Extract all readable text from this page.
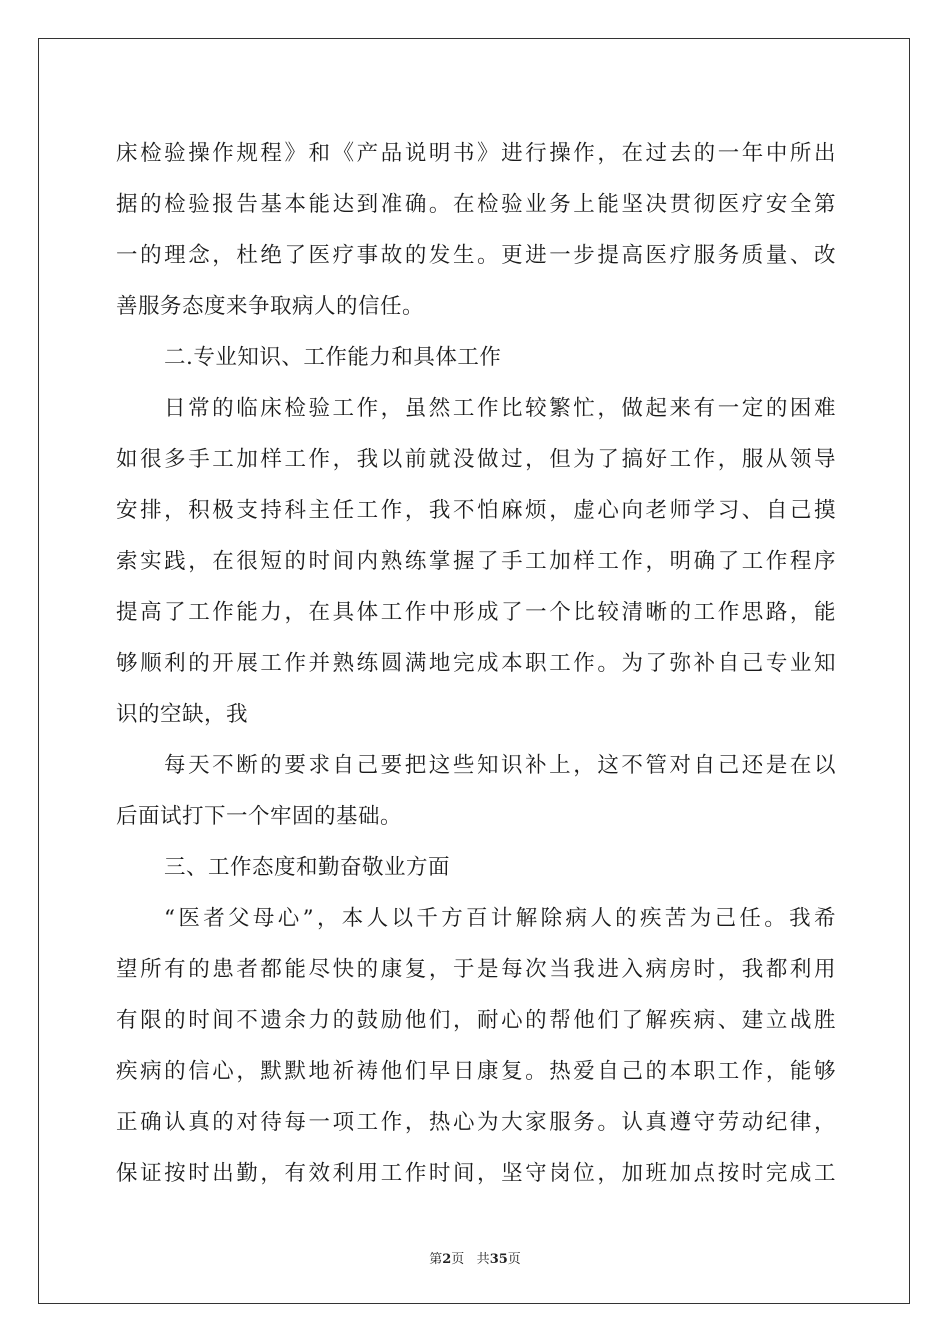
床检验操作规程》和《产品说明书》进行操作，在过去的一年中所出
据的检验报告基本能达到准确。在检验业务上能坚决贯彻医疗安全第
一的理念，杜绝了医疗事故的发生。更进一步提高医疗服务质量、改
善服务态度来争取病人的信任。
二.专业知识、工作能力和具体工作
日常的临床检验工作，虽然工作比较繁忙，做起来有一定的困难
如很多手工加样工作，我以前就没做过，但为了搞好工作，服从领导
安排，积极支持科主任工作，我不怕麻烦，虚心向老师学习、自己摸
索实践，在很短的时间内熟练掌握了手工加样工作，明确了工作程序
提高了工作能力，在具体工作中形成了一个比较清晰的工作思路，能
够顺利的开展工作并熟练圆满地完成本职工作。为了弥补自己专业知
识的空缺，我
每天不断的要求自己要把这些知识补上，这不管对自己还是在以
后面试打下一个牢固的基础。
三、工作态度和勤奋敬业方面
“医者父母心”，本人以千方百计解除病人的疾苦为己任。我希
望所有的患者都能尽快的康复，于是每次当我进入病房时，我都利用
有限的时间不遗余力的鼓励他们，耐心的帮他们了解疾病、建立战胜
疾病的信心，默默地祈祷他们早日康复。热爱自己的本职工作，能够
正确认真的对待每一项工作，热心为大家服务。认真遵守劳动纪律，
保证按时出勤，有效利用工作时间，坚守岗位，加班加点按时完成工
第2页 共35页
